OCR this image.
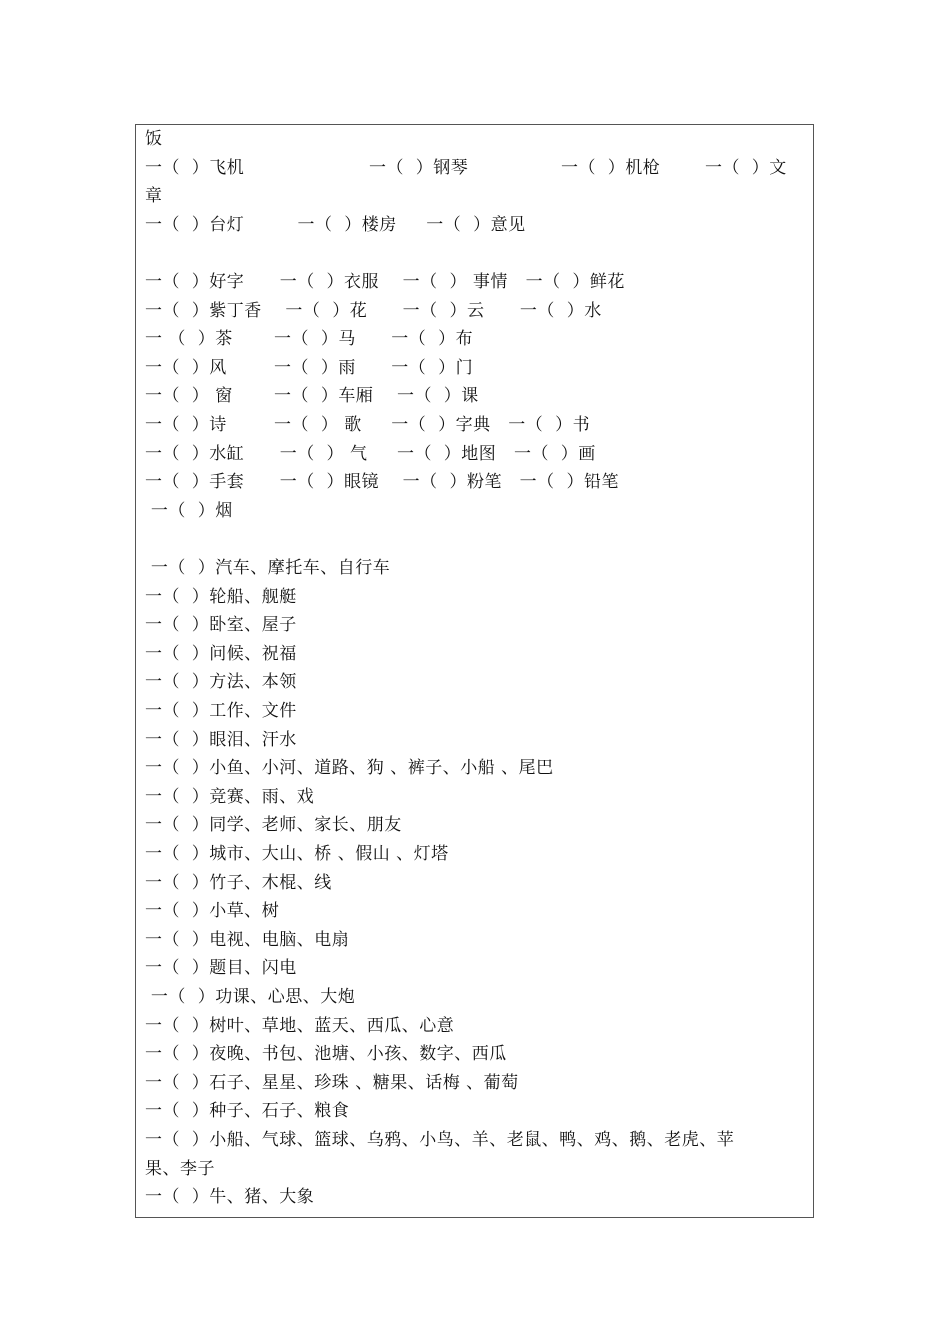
饭
一（  ）飞机	一（  ）钢琴	一（  ）机枪	一（  ）文
章
一（  ）台灯         一（  ）楼房     一（  ）意见
一（  ）好字      一（  ）衣服    一（  ） 事情   一（  ）鲜花
一（  ）紫丁香    一（  ）花      一（  ）云      一（  ）水
一 （  ）茶       一（  ）马      一（  ）布
一（  ）风        一（  ）雨      一（  ）门
一（  ） 窗       一（  ）车厢    一（  ）课
一（  ）诗        一（  ） 歌     一（  ）字典   一（  ）书
一（  ）水缸      一（  ） 气     一（  ）地图   一（  ）画
一（  ）手套      一（  ）眼镜    一（  ）粉笔   一（  ）铅笔
一（  ）烟
一（  ）汽车、摩托车、自行车
一（  ）轮船、舰艇
一（  ）卧室、屋子
一（  ）问候、祝福
一（  ）方法、本领
一（  ）工作、文件
一（  ）眼泪、汗水
一（  ）小鱼、小河、道路、狗 、裤子、小船 、尾巴
一（  ）竞赛、雨、戏
一（  ）同学、老师、家长、朋友
一（  ）城市、大山、桥 、假山 、灯塔
一（  ）竹子、木棍、线
一（  ）小草、树
一（  ）电视、电脑、电扇
一（  ）题目、闪电
一（  ）功课、心思、大炮
一（  ）树叶、草地、蓝天、西瓜、心意
一（  ）夜晚、书包、池塘、小孩、数字、西瓜
一（  ）石子、星星、珍珠 、糖果、话梅 、葡萄
一（  ）种子、石子、粮食
一（  ）小船、气球、篮球、乌鸦、小鸟、羊、老鼠、鸭、鸡、鹅、老虎、苹
果、李子
一（  ）牛、猪、大象
